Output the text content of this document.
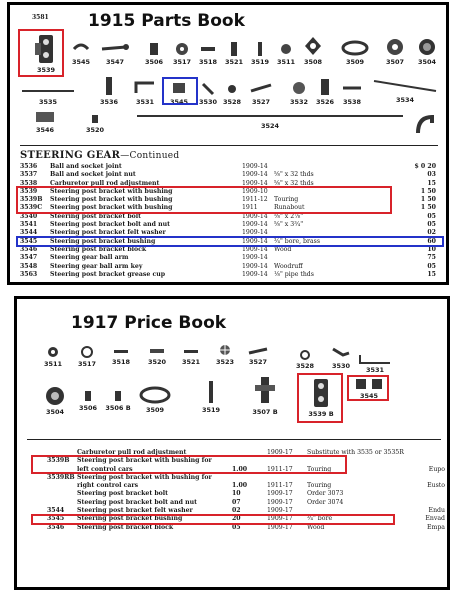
3581 1915 Parts Book
3539
3545	3547	3506	3517	3518	3521	3519	3511	3508	3509	3507	3504
3535	3536	3531	3545	3530 3528	3527	3532	3526	3538	3534
3546	3520	3524
STEERING GEAR—Continued
3536 Ball and socket joint	1909-14	$ 0 20
3537 Ball and socket joint nut	1909-14 ⅝" x 32 thds	03
3538 Carburetor pull rod adjustment	1909-14 ⅝" x 32 thds	15
3539 Steering post bracket with bushing	1909-10	1 50
3539B Steering post bracket with bushing	1911-12 Touring	1 50
3539C Steering post bracket with bushing	1911	Runabout	1 50
3540 Steering post bracket bolt	1909-14 ⅝" x 2⅞"	05
3541 Steering post bracket bolt and nut	1909-14 ⅝" x 3¾"	05
3544 Steering post bracket felt washer	1909-14	02
3545 Steering post bracket bushing	1909-14 ¾" bore, brass	60
3546 Steering post bracket block	1909-14 Wood	10
3547 Steering gear ball arm	1909-14	75
3548 Steering gear ball arm key	1909-14 Woodruff	05
3563 Steering post bracket grease cup	1909-14 ⅛" pipe thds	15
1917 Price Book
3511	3517	3518	3520	3521	3523	3527	3528	3530	3531
3504	3506	3506 B	3509	3519	3507 B	3539 B
3545
Carburetor pull rod adjustment	1909-17 Substitute with 3535 or 3535R
3539B Steering post bracket with bushing for
left control cars	1.00	1911-17 Touring	Eupo
3539RB Steering post bracket with bushing for
right control cars	1.00	1911-17 Touring	Eusto
Steering post bracket bolt	10	1909-17 Order 3073
Steering post bracket bolt and nut	07	1909-17 Order 3074
3544 Steering post bracket felt washer	02	1909-17	Endu
3545 Steering post bracket bushing	20	1909-17 ¾" bore	Envad
3546 Steering post bracket block	05	1909-17 Wood	Empa
